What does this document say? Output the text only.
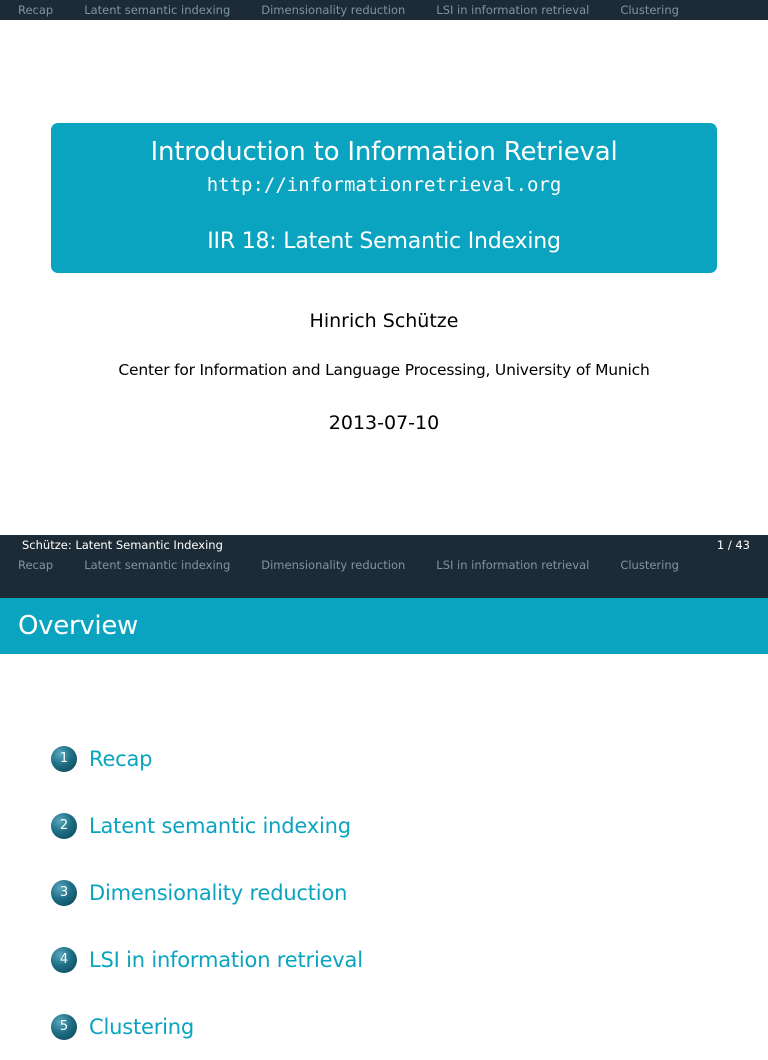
Recap	Latent semantic indexing	Dimensionality reduction	LSI in information retrieval	Clustering
Introduction to Information Retrieval
http://informationretrieval.org
IIR 18: Latent Semantic Indexing
Hinrich Schütze
Center for Information and Language Processing, University of Munich
2013-07-10
Schütze: Latent Semantic Indexing	1 / 43
Recap	Latent semantic indexing	Dimensionality reduction	LSI in information retrieval	Clustering
Overview
1 Recap
2 Latent semantic indexing
3 Dimensionality reduction
4 LSI in information retrieval
5 Clustering
